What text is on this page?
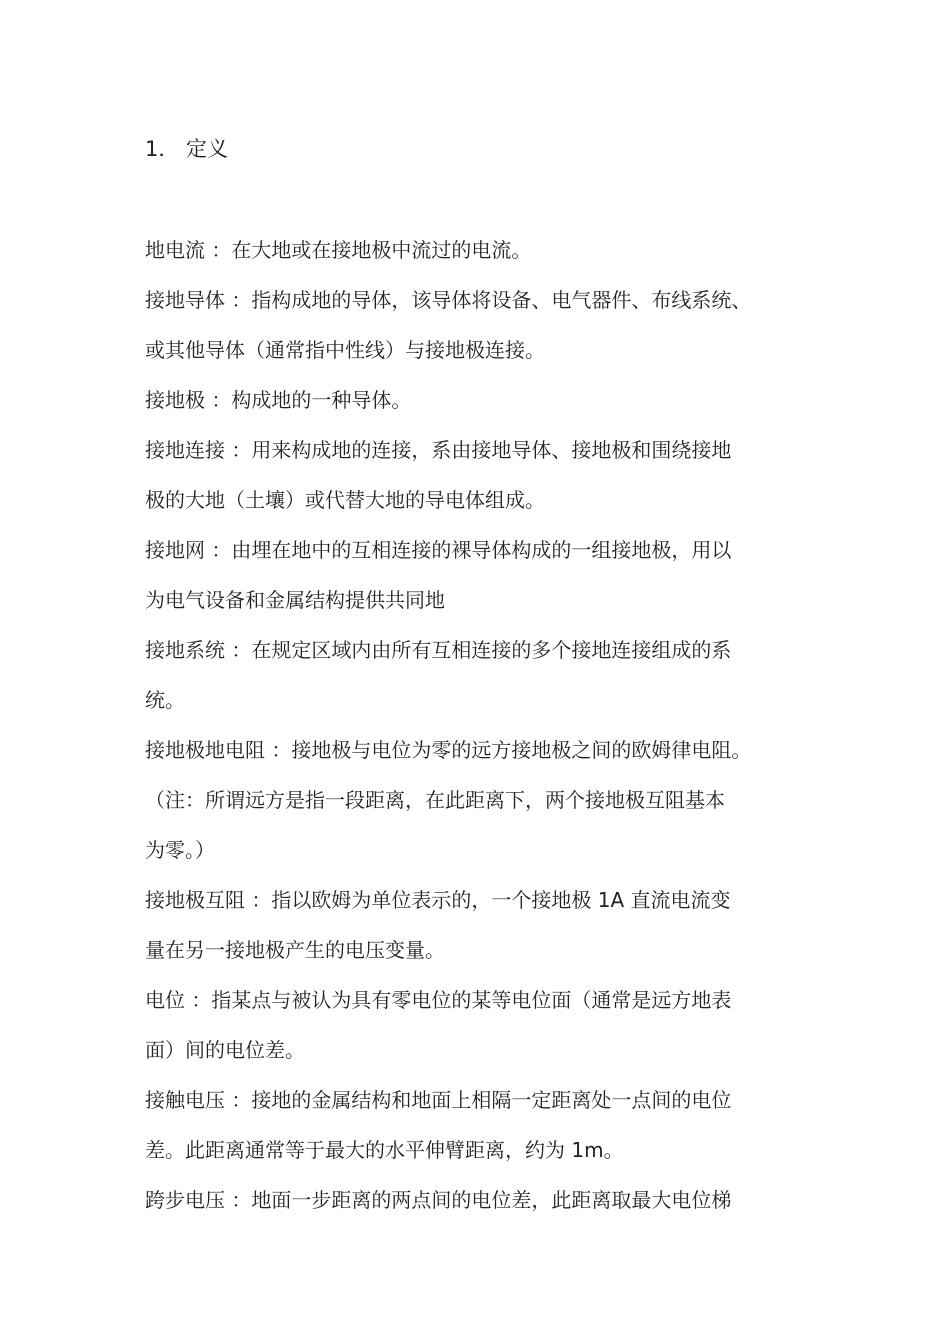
1． 定义
地电流 ：在大地或在接地极中流过的电流。
接地导体 ：指构成地的导体，该导体将设备、电气器件、布线系统、
或其他导体（通常指中性线）与接地极连接。
接地极 ：构成地的一种导体。
接地连接 ：用来构成地的连接，系由接地导体、接地极和围绕接地
极的大地（土壤）或代替大地的导电体组成。
接地网 ：由埋在地中的互相连接的裸导体构成的一组接地极，用以
为电气设备和金属结构提供共同地
接地系统 ：在规定区域内由所有互相连接的多个接地连接组成的系
统。
接地极地电阻 ：接地极与电位为零的远方接地极之间的欧姆律电阻。
（注：所谓远方是指一段距离，在此距离下，两个接地极互阻基本
为零。）
接地极互阻 ：指以欧姆为单位表示的，一个接地极 1A 直流电流变
量在另一接地极产生的电压变量。
电位 ：指某点与被认为具有零电位的某等电位面（通常是远方地表
面）间的电位差。
接触电压 ：接地的金属结构和地面上相隔一定距离处一点间的电位
差。此距离通常等于最大的水平伸臂距离，约为 1m。
跨步电压 ：地面一步距离的两点间的电位差，此距离取最大电位梯
